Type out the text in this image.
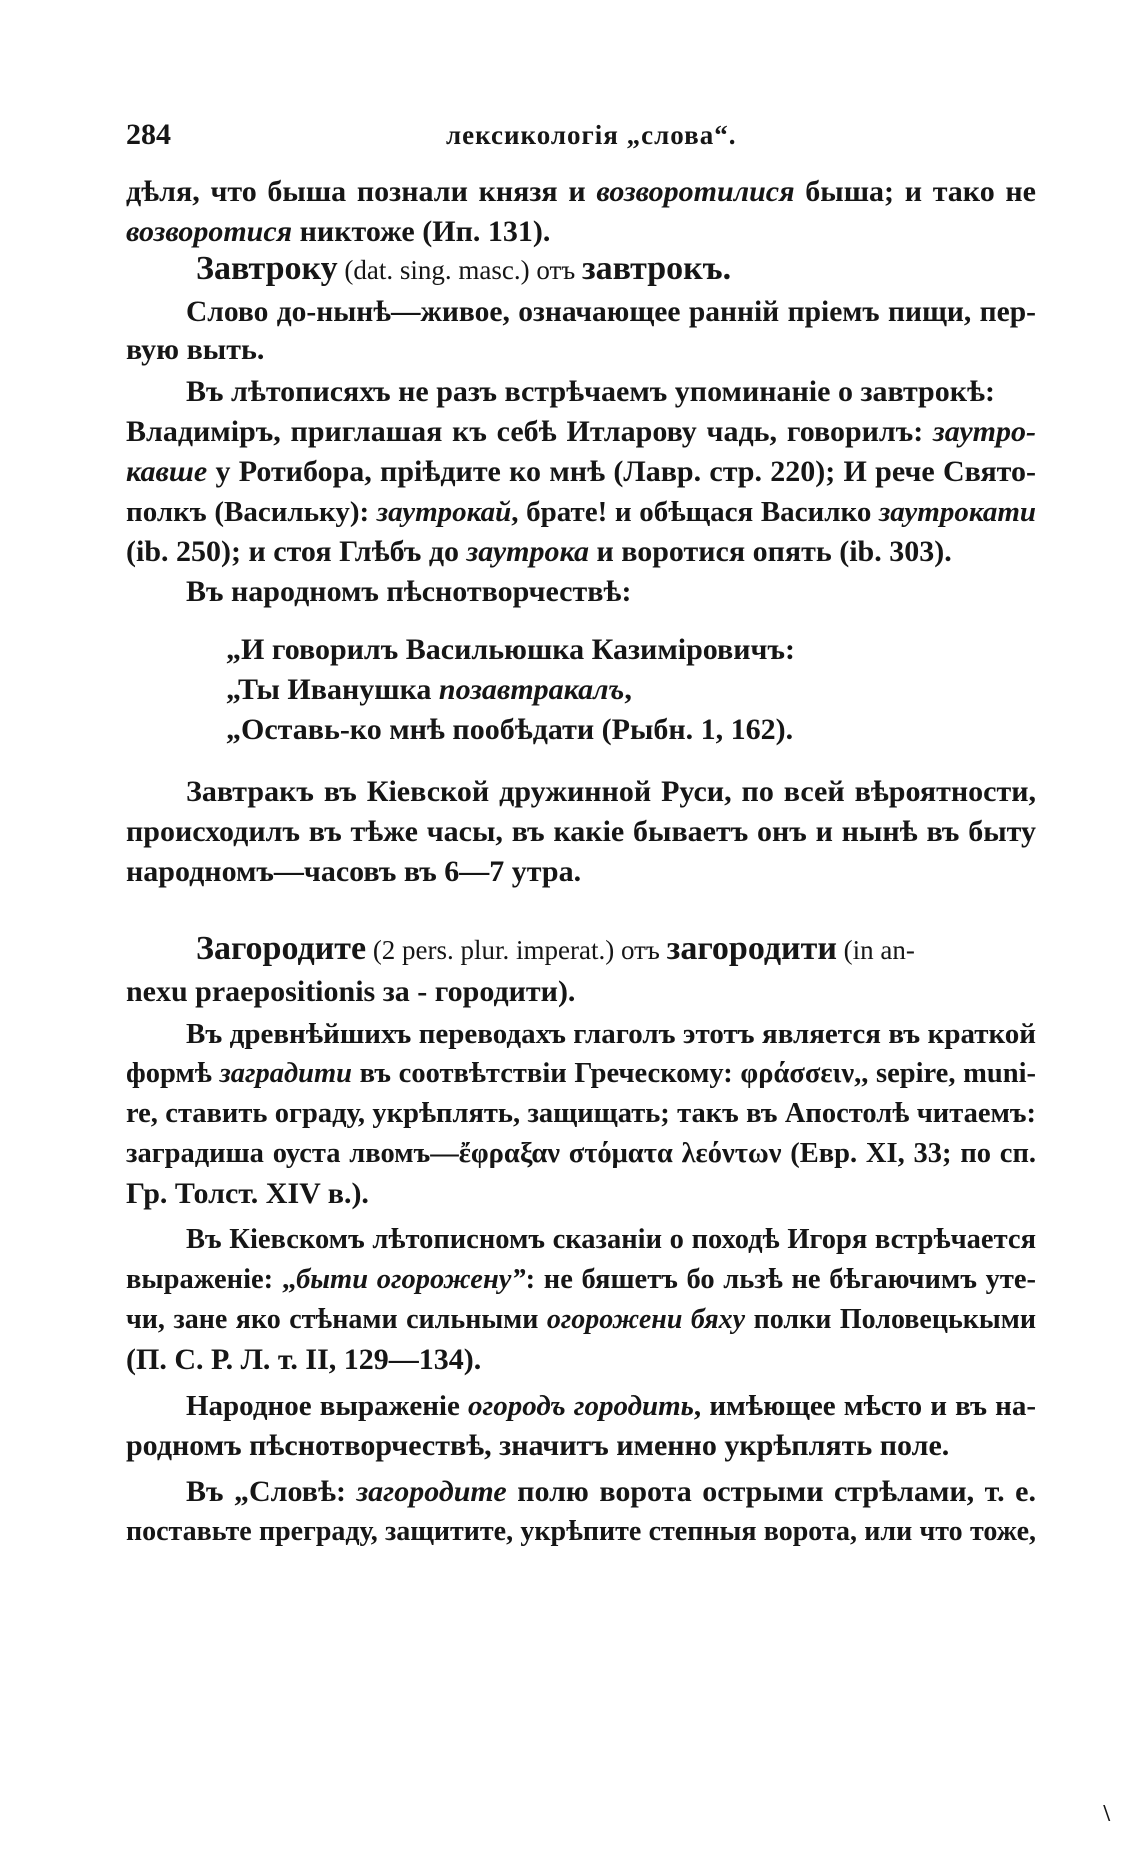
284	лексикологія „слова“.
дѣля, что быша познали князя и возворотилися быша; и тако не
возворотися никтоже (Ип. 131).
Завтроку (dat. sing. masc.) отъ завтрокъ.
Слово до-нынѣ—живое, означающее ранній пріемъ пищи, пер-
вую выть.
Въ лѣтописяхъ не разъ встрѣчаемъ упоминаніе о завтрокѣ:
Владиміръ, приглашая къ себѣ Итларову чадь, говорилъ: заутро-
кавше у Ротибора, пріѣдите ко мнѣ (Лавр. стр. 220); И рече Свято-
полкъ (Васильку): заутрокай, брате! и обѣщася Василко заутрокати
(ib. 250); и стоя Глѣбъ до заутрока и воротися опять (ib. 303).
Въ народномъ пѣснотворчествѣ:
„И говорилъ Васильюшка Казиміровичъ:
„Ты Иванушка позавтракалъ,
„Оставь-ко мнѣ пообѣдати (Рыбн. 1, 162).
Завтракъ въ Кіевской дружинной Руси, по всей вѣроятности,
происходилъ въ тѣже часы, въ какіе бываетъ онъ и нынѣ въ быту
народномъ—часовъ въ 6—7 утра.
Загородите (2 pers. plur. imperat.) отъ загородити (in an-
nexu praepositionis за - городити).
Въ древнѣйшихъ переводахъ глаголъ этотъ является въ краткой
формѣ заградити въ соотвѣтствіи Греческому: φράσσειν,, sepire, muni-
re, ставить ограду, укрѣплять, защищать; такъ въ Апостолѣ читаемъ:
заградиша оуста лвомъ—ἔφραξαν στόματα λεόντων (Евр. XI, 33; по сп.
Гр. Толст. XIV в.).
Въ Кіевскомъ лѣтописномъ сказаніи о походѣ Игоря встрѣчается
выраженіе: „быти огороженуˮ: не бяшетъ бо льзѣ не бѣгаючимъ уте-
чи, зане яко стѣнами сильными огорожени бяху полки Половецькыми
(П. С. Р. Л. т. II, 129—134).
Народное выраженіе огородъ городить, имѣющее мѣсто и въ на-
родномъ пѣснотворчествѣ, значитъ именно укрѣплять поле.
Въ „Словѣ: загородите полю ворота острыми стрѣлами, т. е.
поставьте преграду, защитите, укрѣпите степныя ворота, или что тоже,
\
